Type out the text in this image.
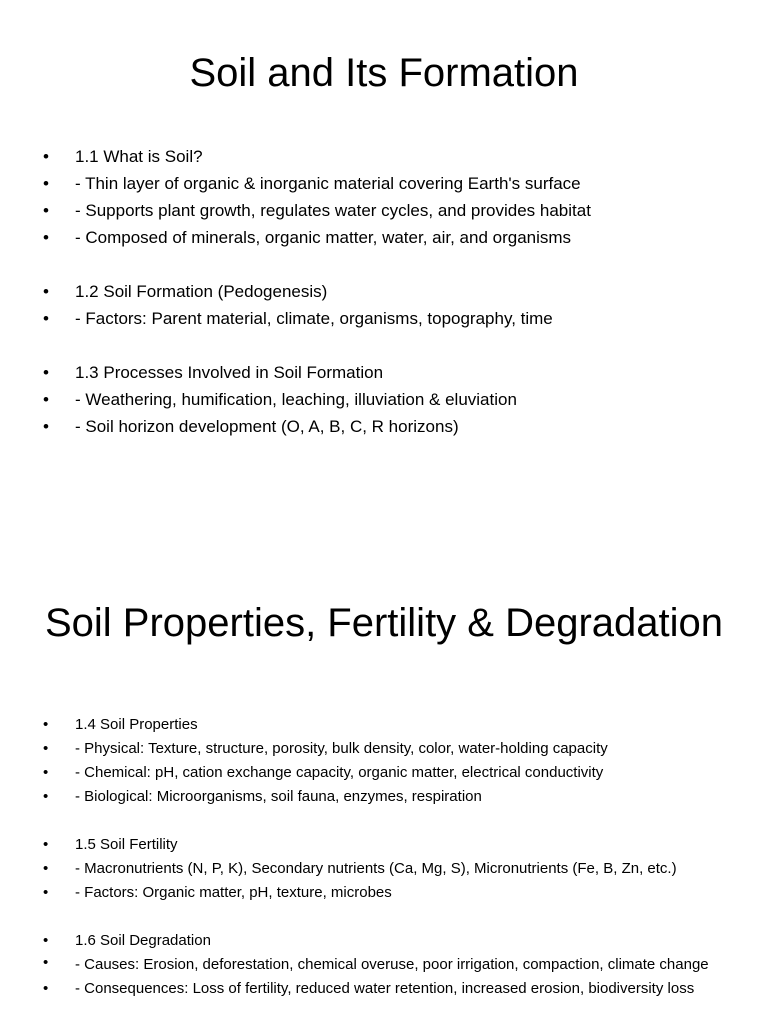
Soil and Its Formation
• 1.1 What is Soil?
• - Thin layer of organic & inorganic material covering Earth's surface
• - Supports plant growth, regulates water cycles, and provides habitat
• - Composed of minerals, organic matter, water, air, and organisms
• 1.2 Soil Formation (Pedogenesis)
• - Factors: Parent material, climate, organisms, topography, time
• 1.3 Processes Involved in Soil Formation
• - Weathering, humification, leaching, illuviation & eluviation
• - Soil horizon development (O, A, B, C, R horizons)
Soil Properties, Fertility & Degradation
• 1.4 Soil Properties
• - Physical: Texture, structure, porosity, bulk density, color, water-holding capacity
• - Chemical: pH, cation exchange capacity, organic matter, electrical conductivity
• - Biological: Microorganisms, soil fauna, enzymes, respiration
• 1.5 Soil Fertility
• - Macronutrients (N, P, K), Secondary nutrients (Ca, Mg, S), Micronutrients (Fe, B, Zn, etc.)
• - Factors: Organic matter, pH, texture, microbes
• 1.6 Soil Degradation
• - Causes: Erosion, deforestation, chemical overuse, poor irrigation, compaction, climate change
• - Consequences: Loss of fertility, reduced water retention, increased erosion, biodiversity loss
